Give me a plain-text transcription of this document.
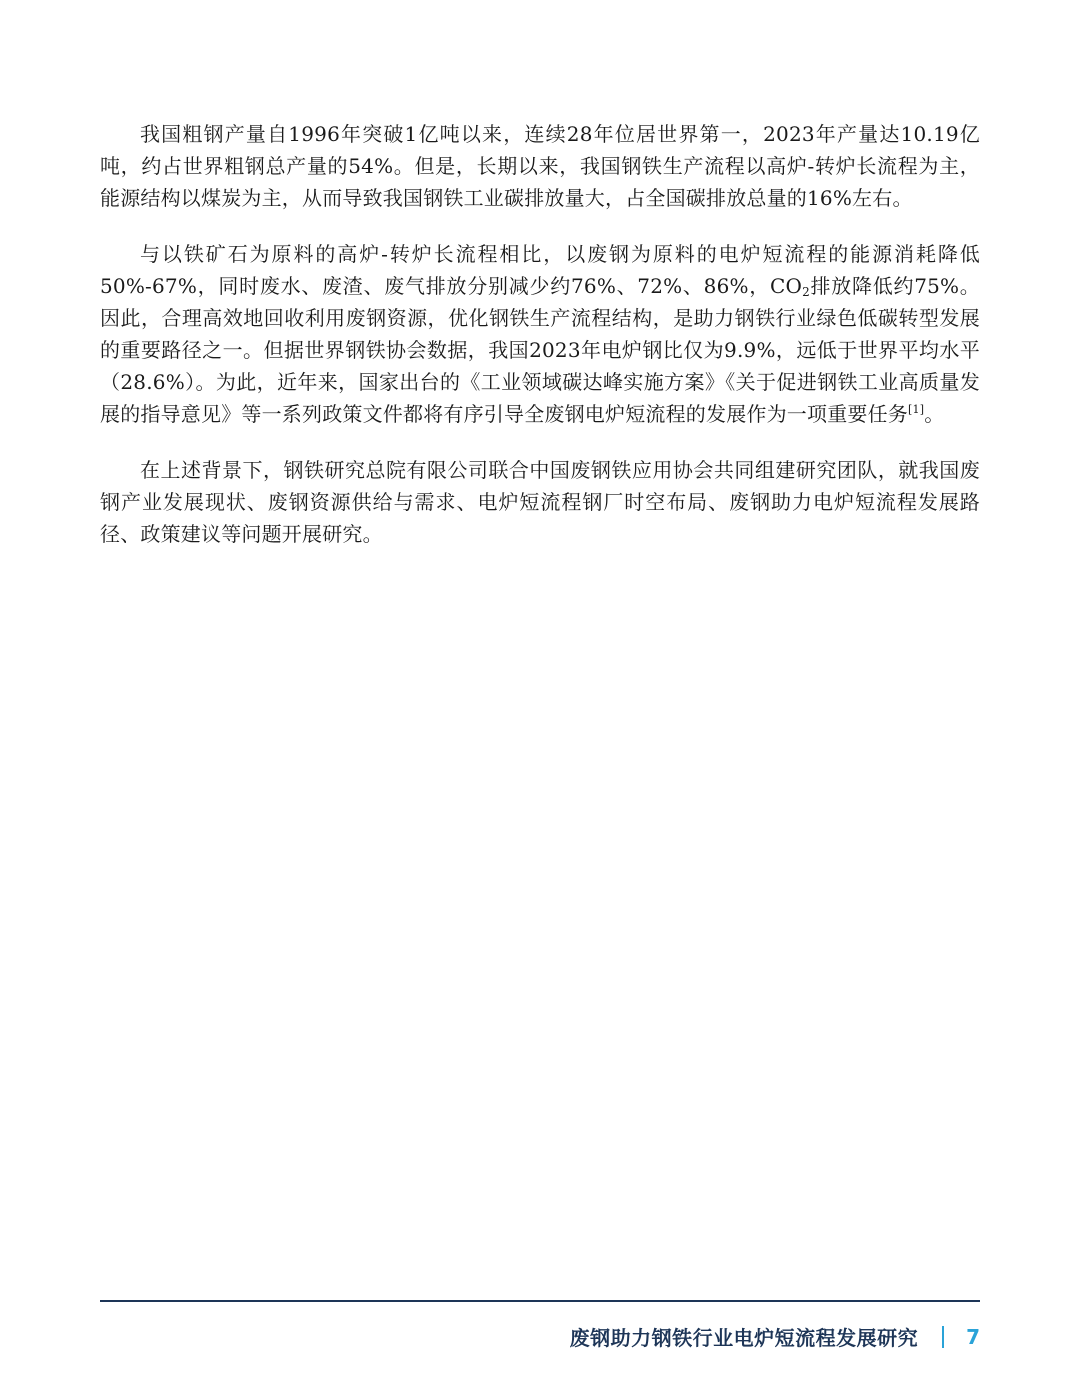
我国粗钢产量自1996年突破1亿吨以来，连续28年位居世界第一，2023年产量达10.19亿吨，约占世界粗钢总产量的54%。但是，长期以来，我国钢铁生产流程以高炉-转炉长流程为主，能源结构以煤炭为主，从而导致我国钢铁工业碳排放量大，占全国碳排放总量的16%左右。

与以铁矿石为原料的高炉-转炉长流程相比，以废钢为原料的电炉短流程的能源消耗降低50%-67%，同时废水、废渣、废气排放分别减少约76%、72%、86%，$CO_2$排放降低约75%。因此，合理高效地回收利用废钢资源，优化钢铁生产流程结构，是助力钢铁行业绿色低碳转型发展的重要路径之一。但据世界钢铁协会数据，我国2023年电炉钢比仅为9.9%，远低于世界平均水平（28.6%）。为此，近年来，国家出台的《工业领域碳达峰实施方案》《关于促进钢铁工业高质量发展的指导意见》等一系列政策文件都将有序引导全废钢电炉短流程的发展作为一项重要任务[1]。

在上述背景下，钢铁研究总院有限公司联合中国废钢铁应用协会共同组建研究团队，就我国废钢产业发展现状、废钢资源供给与需求、电炉短流程钢厂时空布局、废钢助力电炉短流程发展路径、政策建议等问题开展研究。

废钢助力钢铁行业电炉短流程发展研究 7
